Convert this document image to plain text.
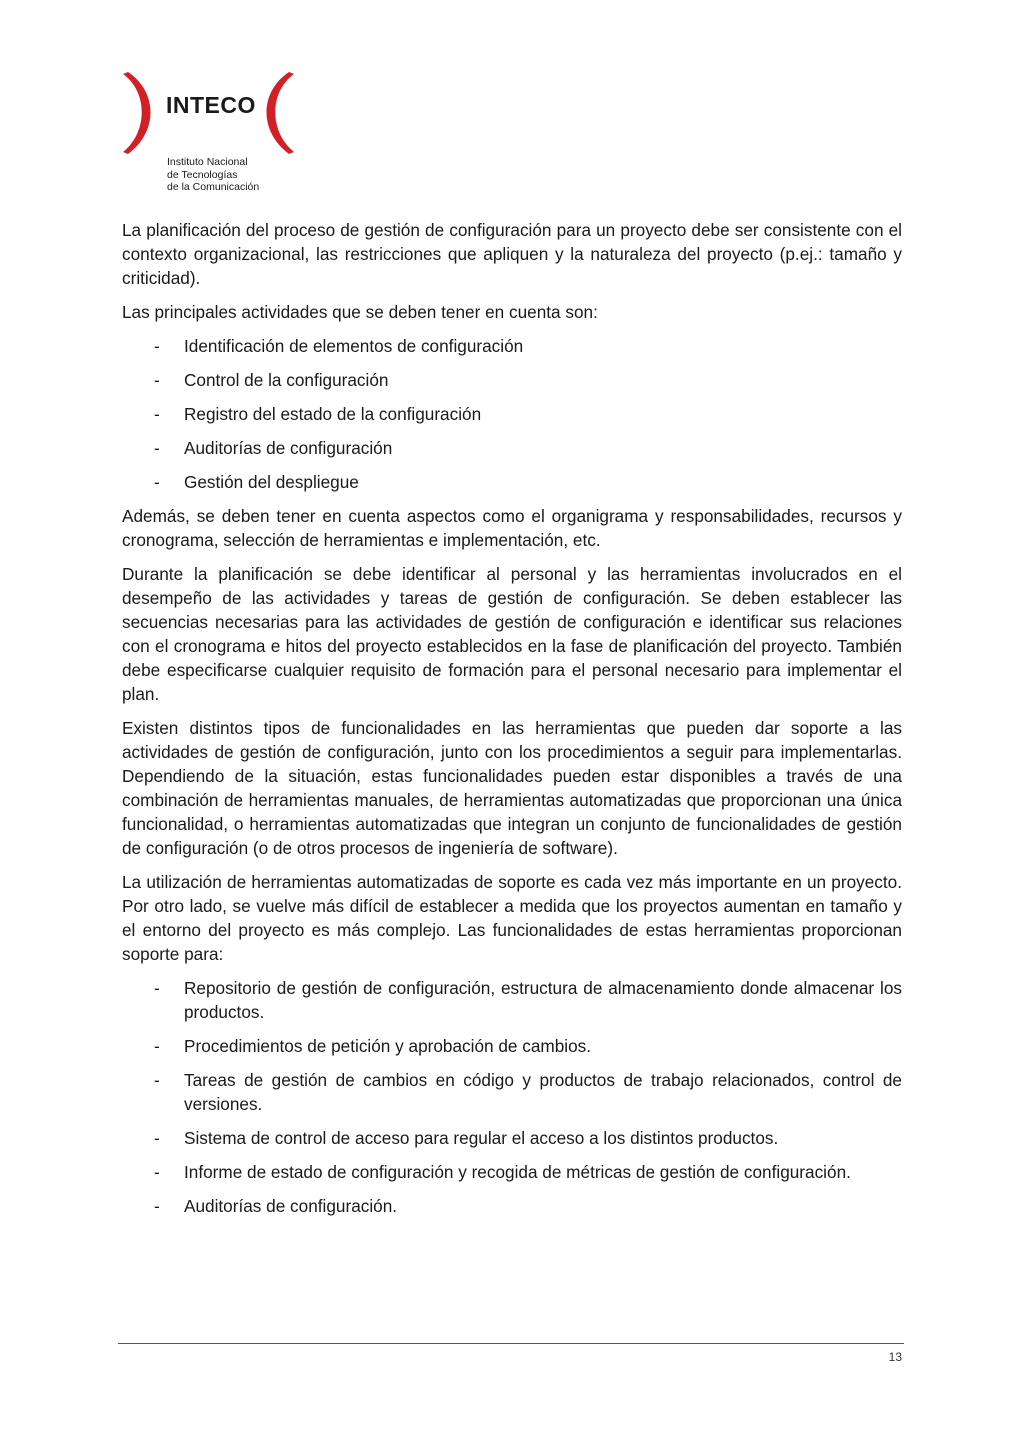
INTECO
Instituto Nacional
de Tecnologías
de la Comunicación

La planificación del proceso de gestión de configuración para un proyecto debe ser consistente con el contexto organizacional, las restricciones que apliquen y la naturaleza del proyecto (p.ej.: tamaño y criticidad).

Las principales actividades que se deben tener en cuenta son:

- Identificación de elementos de configuración
- Control de la configuración
- Registro del estado de la configuración
- Auditorías de configuración
- Gestión del despliegue

Además, se deben tener en cuenta aspectos como el organigrama y responsabilidades, recursos y cronograma, selección de herramientas e implementación, etc.

Durante la planificación se debe identificar al personal y las herramientas involucrados en el desempeño de las actividades y tareas de gestión de configuración. Se deben establecer las secuencias necesarias para las actividades de gestión de configuración e identificar sus relaciones con el cronograma e hitos del proyecto establecidos en la fase de planificación del proyecto. También debe especificarse cualquier requisito de formación para el personal necesario para implementar el plan.

Existen distintos tipos de funcionalidades en las herramientas que pueden dar soporte a las actividades de gestión de configuración, junto con los procedimientos a seguir para implementarlas. Dependiendo de la situación, estas funcionalidades pueden estar disponibles a través de una combinación de herramientas manuales, de herramientas automatizadas que proporcionan una única funcionalidad, o herramientas automatizadas que integran un conjunto de funcionalidades de gestión de configuración (o de otros procesos de ingeniería de software).

La utilización de herramientas automatizadas de soporte es cada vez más importante en un proyecto. Por otro lado, se vuelve más difícil de establecer a medida que los proyectos aumentan en tamaño y el entorno del proyecto es más complejo. Las funcionalidades de estas herramientas proporcionan soporte para:

- Repositorio de gestión de configuración, estructura de almacenamiento donde almacenar los productos.
- Procedimientos de petición y aprobación de cambios.
- Tareas de gestión de cambios en código y productos de trabajo relacionados, control de versiones.
- Sistema de control de acceso para regular el acceso a los distintos productos.
- Informe de estado de configuración y recogida de métricas de gestión de configuración.
- Auditorías de configuración.
13
